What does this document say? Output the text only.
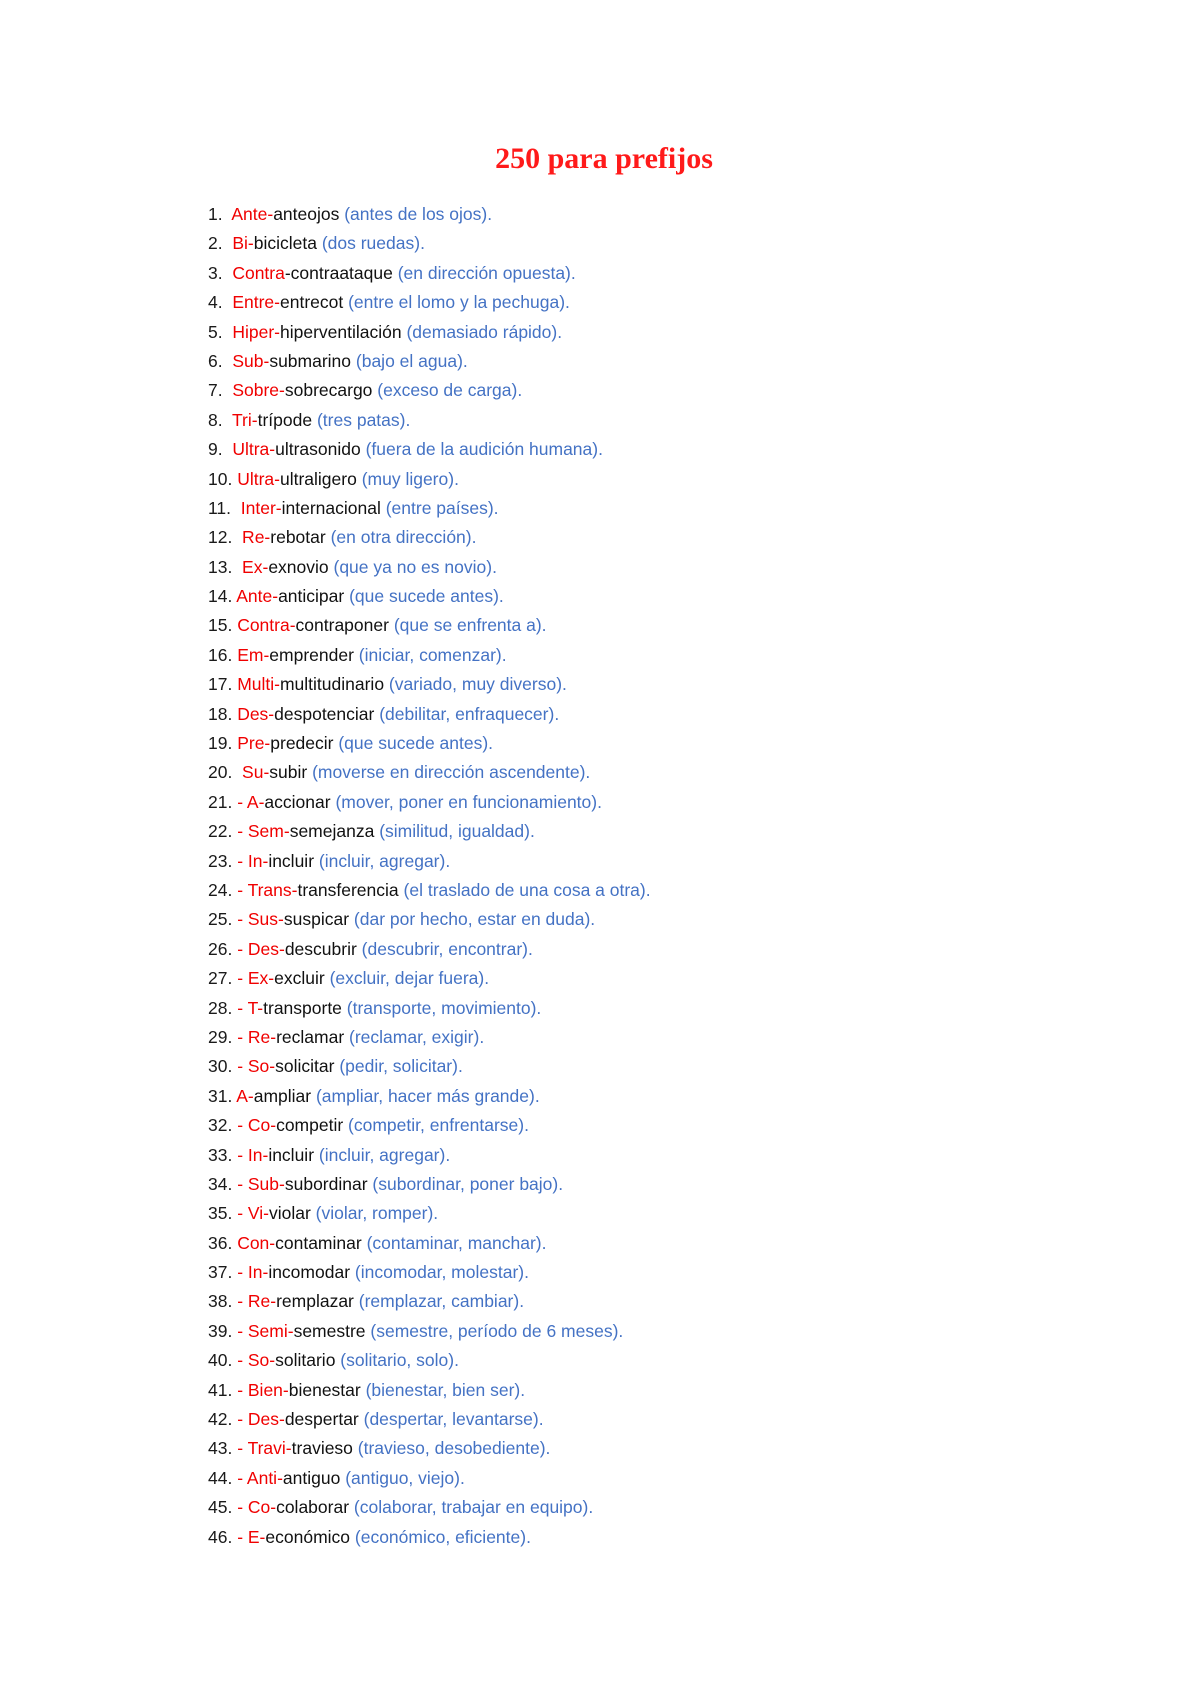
250 para prefijos
1.  Ante-anteojos (antes de los ojos).
2.  Bi-bicicleta (dos ruedas).
3.  Contra-contraataque (en dirección opuesta).
4.  Entre-entrecot (entre el lomo y la pechuga).
5.  Hiper-hiperventilación (demasiado rápido).
6.  Sub-submarino (bajo el agua).
7.  Sobre-sobrecargo (exceso de carga).
8.  Tri-trípode (tres patas).
9.  Ultra-ultrasonido (fuera de la audición humana).
10. Ultra-ultraligero (muy ligero).
11.  Inter-internacional (entre países).
12.  Re-rebotar (en otra dirección).
13.  Ex-exnovio (que ya no es novio).
14. Ante-anticipar (que sucede antes).
15. Contra-contraponer (que se enfrenta a).
16. Em-emprender (iniciar, comenzar).
17. Multi-multitudinario (variado, muy diverso).
18. Des-despotenciar (debilitar, enfraquecer).
19. Pre-predecir (que sucede antes).
20.  Su-subir (moverse en dirección ascendente).
21. - A-accionar (mover, poner en funcionamiento).
22. - Sem-semejanza (similitud, igualdad).
23. - In-incluir (incluir, agregar).
24. - Trans-transferencia (el traslado de una cosa a otra).
25. - Sus-suspicar (dar por hecho, estar en duda).
26. - Des-descubrir (descubrir, encontrar).
27. - Ex-excluir (excluir, dejar fuera).
28. - T-transporte (transporte, movimiento).
29. - Re-reclamar (reclamar, exigir).
30. - So-solicitar (pedir, solicitar).
31. A-ampliar (ampliar, hacer más grande).
32. - Co-competir (competir, enfrentarse).
33. - In-incluir (incluir, agregar).
34. - Sub-subordinar (subordinar, poner bajo).
35. - Vi-violar (violar, romper).
36. Con-contaminar (contaminar, manchar).
37. - In-incomodar (incomodar, molestar).
38. - Re-remplazar (remplazar, cambiar).
39. - Semi-semestre (semestre, período de 6 meses).
40. - So-solitario (solitario, solo).
41. - Bien-bienestar (bienestar, bien ser).
42. - Des-despertar (despertar, levantarse).
43. - Travi-travieso (travieso, desobediente).
44. - Anti-antiguo (antiguo, viejo).
45. - Co-colaborar (colaborar, trabajar en equipo).
46. - E-económico (económico, eficiente).
